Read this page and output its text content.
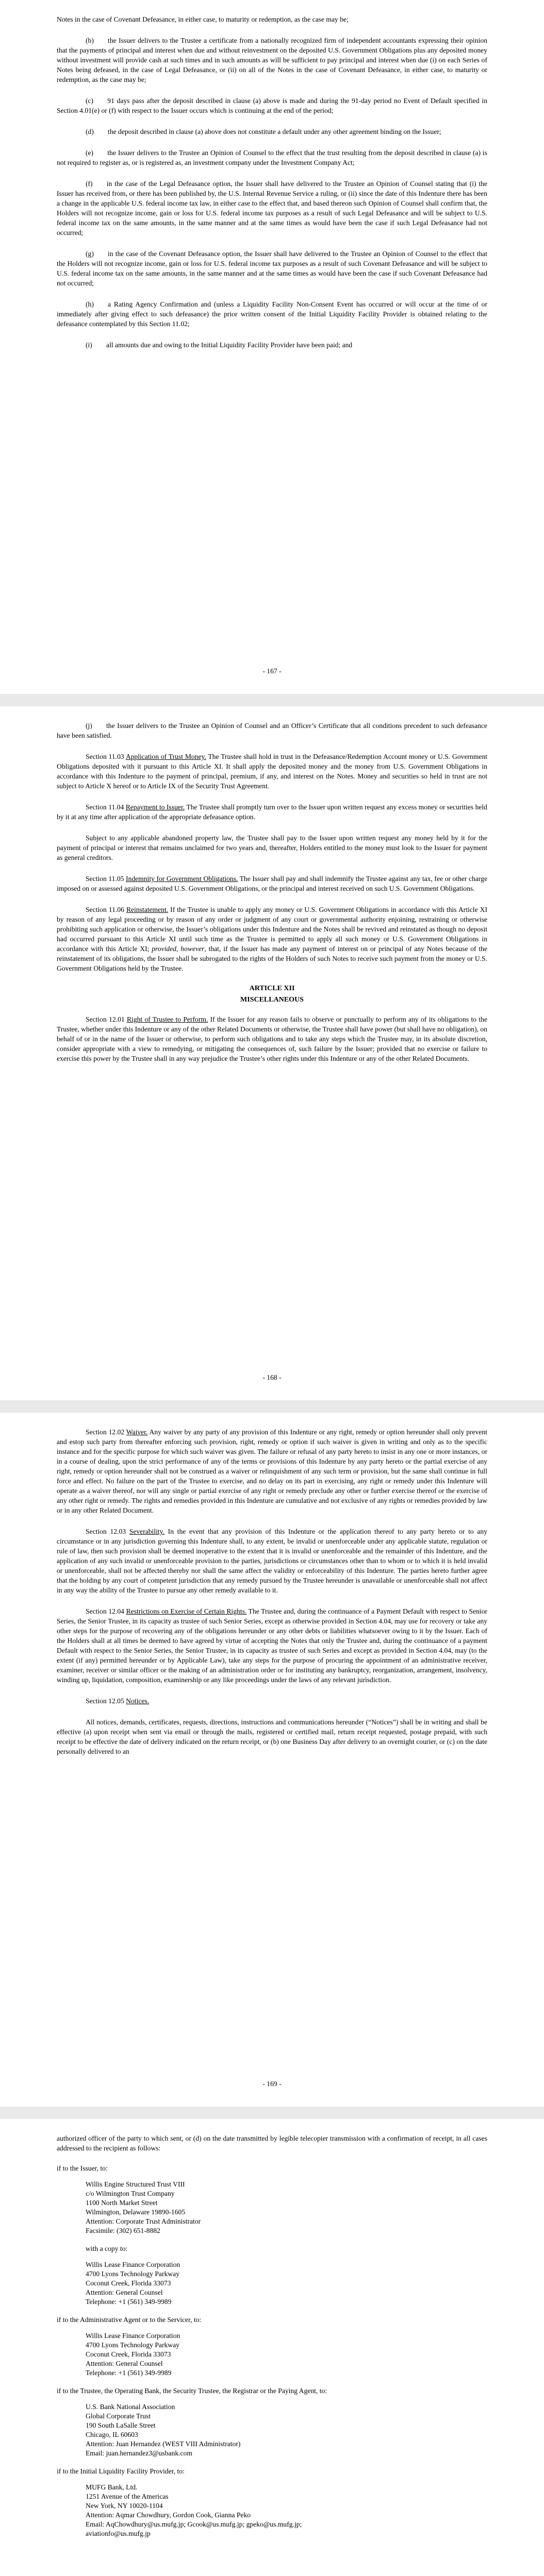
Notes in the case of Covenant Defeasance, in either case, to maturity or redemption, as the case may be;

(b)   the Issuer delivers to the Trustee a certificate from a nationally recognized firm of independent accountants expressing their opinion that the payments of principal and interest when due and without reinvestment on the deposited U.S. Government Obligations plus any deposited money without investment will provide cash at such times and in such amounts as will be sufficient to pay principal and interest when due (i) on each Series of Notes being defeased, in the case of Legal Defeasance, or (ii) on all of the Notes in the case of Covenant Defeasance, in either case, to maturity or redemption, as the case may be;

(c)   91 days pass after the deposit described in clause (a) above is made and during the 91-day period no Event of Default specified in Section 4.01(e) or (f) with respect to the Issuer occurs which is continuing at the end of the period;

(d)   the deposit described in clause (a) above does not constitute a default under any other agreement binding on the Issuer;

(e)   the Issuer delivers to the Trustee an Opinion of Counsel to the effect that the trust resulting from the deposit described in clause (a) is not required to register as, or is registered as, an investment company under the Investment Company Act;

(f)   in the case of the Legal Defeasance option, the Issuer shall have delivered to the Trustee an Opinion of Counsel stating that (i) the Issuer has received from, or there has been published by, the U.S. Internal Revenue Service a ruling, or (ii) since the date of this Indenture there has been a change in the applicable U.S. federal income tax law, in either case to the effect that, and based thereon such Opinion of Counsel shall confirm that, the Holders will not recognize income, gain or loss for U.S. federal income tax purposes as a result of such Legal Defeasance and will be subject to U.S. federal income tax on the same amounts, in the same manner and at the same times as would have been the case if such Legal Defeasance had not occurred;

(g)   in the case of the Covenant Defeasance option, the Issuer shall have delivered to the Trustee an Opinion of Counsel to the effect that the Holders will not recognize income, gain or loss for U.S. federal income tax purposes as a result of such Covenant Defeasance and will be subject to U.S. federal income tax on the same amounts, in the same manner and at the same times as would have been the case if such Covenant Defeasance had not occurred;

(h)   a Rating Agency Confirmation and (unless a Liquidity Facility Non-Consent Event has occurred or will occur at the time of or immediately after giving effect to such defeasance) the prior written consent of the Initial Liquidity Facility Provider is obtained relating to the defeasance contemplated by this Section 11.02;

(i)   all amounts due and owing to the Initial Liquidity Facility Provider have been paid; and

- 167 -

(j)   the Issuer delivers to the Trustee an Opinion of Counsel and an Officer’s Certificate that all conditions precedent to such defeasance have been satisfied.

Section 11.03 Application of Trust Money. The Trustee shall hold in trust in the Defeasance/Redemption Account money or U.S. Government Obligations deposited with it pursuant to this Article XI. It shall apply the deposited money and the money from U.S. Government Obligations in accordance with this Indenture to the payment of principal, premium, if any, and interest on the Notes. Money and securities so held in trust are not subject to Article X hereof or to Article IX of the Security Trust Agreement.

Section 11.04 Repayment to Issuer. The Trustee shall promptly turn over to the Issuer upon written request any excess money or securities held by it at any time after application of the appropriate defeasance option.

Subject to any applicable abandoned property law, the Trustee shall pay to the Issuer upon written request any money held by it for the payment of principal or interest that remains unclaimed for two years and, thereafter, Holders entitled to the money must look to the Issuer for payment as general creditors.

Section 11.05 Indemnity for Government Obligations. The Issuer shall pay and shall indemnify the Trustee against any tax, fee or other charge imposed on or assessed against deposited U.S. Government Obligations, or the principal and interest received on such U.S. Government Obligations.

Section 11.06 Reinstatement. If the Trustee is unable to apply any money or U.S. Government Obligations in accordance with this Article XI by reason of any legal proceeding or by reason of any order or judgment of any court or governmental authority enjoining, restraining or otherwise prohibiting such application or otherwise, the Issuer’s obligations under this Indenture and the Notes shall be revived and reinstated as though no deposit had occurred pursuant to this Article XI until such time as the Trustee is permitted to apply all such money or U.S. Government Obligations in accordance with this Article XI; provided, however, that, if the Issuer has made any payment of interest on or principal of any Notes because of the reinstatement of its obligations, the Issuer shall be subrogated to the rights of the Holders of such Notes to receive such payment from the money or U.S. Government Obligations held by the Trustee.

ARTICLE XII
MISCELLANEOUS

Section 12.01 Right of Trustee to Perform. If the Issuer for any reason fails to observe or punctually to perform any of its obligations to the Trustee, whether under this Indenture or any of the other Related Documents or otherwise, the Trustee shall have power (but shall have no obligation), on behalf of or in the name of the Issuer or otherwise, to perform such obligations and to take any steps which the Trustee may, in its absolute discretion, consider appropriate with a view to remedying, or mitigating the consequences of, such failure by the Issuer; provided that no exercise or failure to exercise this power by the Trustee shall in any way prejudice the Trustee’s other rights under this Indenture or any of the other Related Documents.

- 168 -

Section 12.02 Waiver. Any waiver by any party of any provision of this Indenture or any right, remedy or option hereunder shall only prevent and estop such party from thereafter enforcing such provision, right, remedy or option if such waiver is given in writing and only as to the specific instance and for the specific purpose for which such waiver was given. The failure or refusal of any party hereto to insist in any one or more instances, or in a course of dealing, upon the strict performance of any of the terms or provisions of this Indenture by any party hereto or the partial exercise of any right, remedy or option hereunder shall not be construed as a waiver or relinquishment of any such term or provision, but the same shall continue in full force and effect. No failure on the part of the Trustee to exercise, and no delay on its part in exercising, any right or remedy under this Indenture will operate as a waiver thereof, nor will any single or partial exercise of any right or remedy preclude any other or further exercise thereof or the exercise of any other right or remedy. The rights and remedies provided in this Indenture are cumulative and not exclusive of any rights or remedies provided by law or in any other Related Document.

Section 12.03 Severability. In the event that any provision of this Indenture or the application thereof to any party hereto or to any circumstance or in any jurisdiction governing this Indenture shall, to any extent, be invalid or unenforceable under any applicable statute, regulation or rule of law, then such provision shall be deemed inoperative to the extent that it is invalid or unenforceable and the remainder of this Indenture, and the application of any such invalid or unenforceable provision to the parties, jurisdictions or circumstances other than to whom or to which it is held invalid or unenforceable, shall not be affected thereby nor shall the same affect the validity or enforceability of this Indenture. The parties hereto further agree that the holding by any court of competent jurisdiction that any remedy pursued by the Trustee hereunder is unavailable or unenforceable shall not affect in any way the ability of the Trustee to pursue any other remedy available to it.

Section 12.04 Restrictions on Exercise of Certain Rights. The Trustee and, during the continuance of a Payment Default with respect to Senior Series, the Senior Trustee, in its capacity as trustee of such Senior Series, except as otherwise provided in Section 4.04, may use for recovery or take any other steps for the purpose of recovering any of the obligations hereunder or any other debts or liabilities whatsoever owing to it by the Issuer. Each of the Holders shall at all times be deemed to have agreed by virtue of accepting the Notes that only the Trustee and, during the continuance of a payment Default with respect to the Senior Series, the Senior Trustee, in its capacity as trustee of such Series and except as provided in Section 4.04, may (to the extent (if any) permitted hereunder or by Applicable Law), take any steps for the purpose of procuring the appointment of an administrative receiver, examiner, receiver or similar officer or the making of an administration order or for instituting any bankruptcy, reorganization, arrangement, insolvency, winding up, liquidation, composition, examinership or any like proceedings under the laws of any relevant jurisdiction.

Section 12.05 Notices.

All notices, demands, certificates, requests, directions, instructions and communications hereunder (“Notices”) shall be in writing and shall be effective (a) upon receipt when sent via email or through the mails, registered or certified mail, return receipt requested, postage prepaid, with such receipt to be effective the date of delivery indicated on the return receipt, or (b) one Business Day after delivery to an overnight courier, or (c) on the date personally delivered to an

- 169 -

authorized officer of the party to which sent, or (d) on the date transmitted by legible telecopier transmission with a confirmation of receipt, in all cases addressed to the recipient as follows:

if to the Issuer, to:
Willis Engine Structured Trust VIII
c/o Wilmington Trust Company
1100 North Market Street
Wilmington, Delaware 19890-1605
Attention: Corporate Trust Administrator
Facsimile: (302) 651-8882
with a copy to:
Willis Lease Finance Corporation
4700 Lyons Technology Parkway
Coconut Creek, Florida 33073
Attention: General Counsel
Telephone: +1 (561) 349-9989
if to the Administrative Agent or to the Servicer, to:
Willis Lease Finance Corporation
4700 Lyons Technology Parkway
Coconut Creek, Florida 33073
Attention: General Counsel
Telephone: +1 (561) 349-9989
if to the Trustee, the Operating Bank, the Security Trustee, the Registrar or the Paying Agent, to:
U.S. Bank National Association
Global Corporate Trust
190 South LaSalle Street
Chicago, IL 60603
Attention: Juan Hernandez (WEST VIII Administrator)
Email: juan.hernandez3@usbank.com
if to the Initial Liquidity Facility Provider, to:
MUFG Bank, Ltd.
1251 Avenue of the Americas
New York, NY 10020-1104
Attention: Aqmar Chowdhury, Gordon Cook, Gianna Peko
Email: AqChowdhury@us.mufg.jp; Gcook@us.mufg.jp; gpeko@us.mufg.jp;
aviationfo@us.mufg.jp
